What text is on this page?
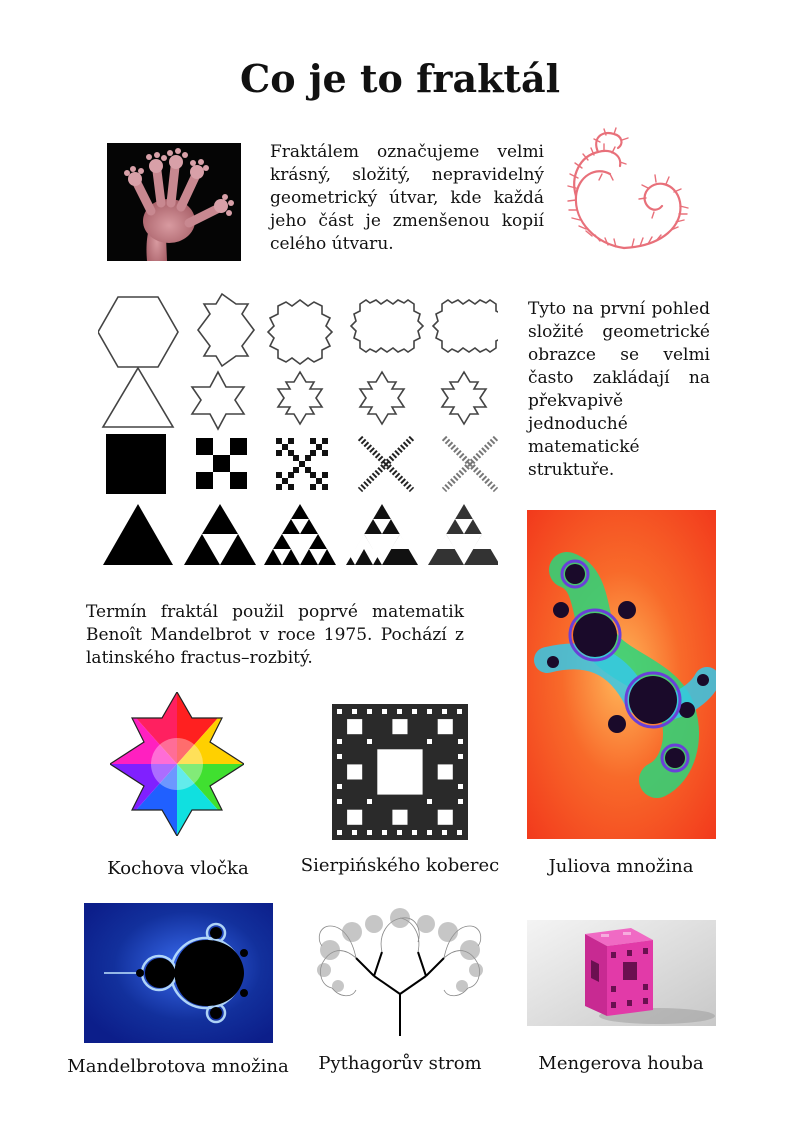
Co je to fraktál
Fraktálem označujeme velmi krásný, složitý, nepravidelný geometrický útvar, kde každá jeho část je zmenšenou kopií celého útvaru.
Tyto na první pohled složité geometrické obrazce se velmi často zakládají na překvapivě jednoduché matematické struktuře.
Termín fraktál použil poprvé matematik Benoît Mandelbrot v roce 1975. Pochází z latinského fractus–rozbitý.
Kochova vločka	Sierpińského koberec	Juliova množina
Mandelbrotova množina	Pythagorův strom	Mengerova houba
